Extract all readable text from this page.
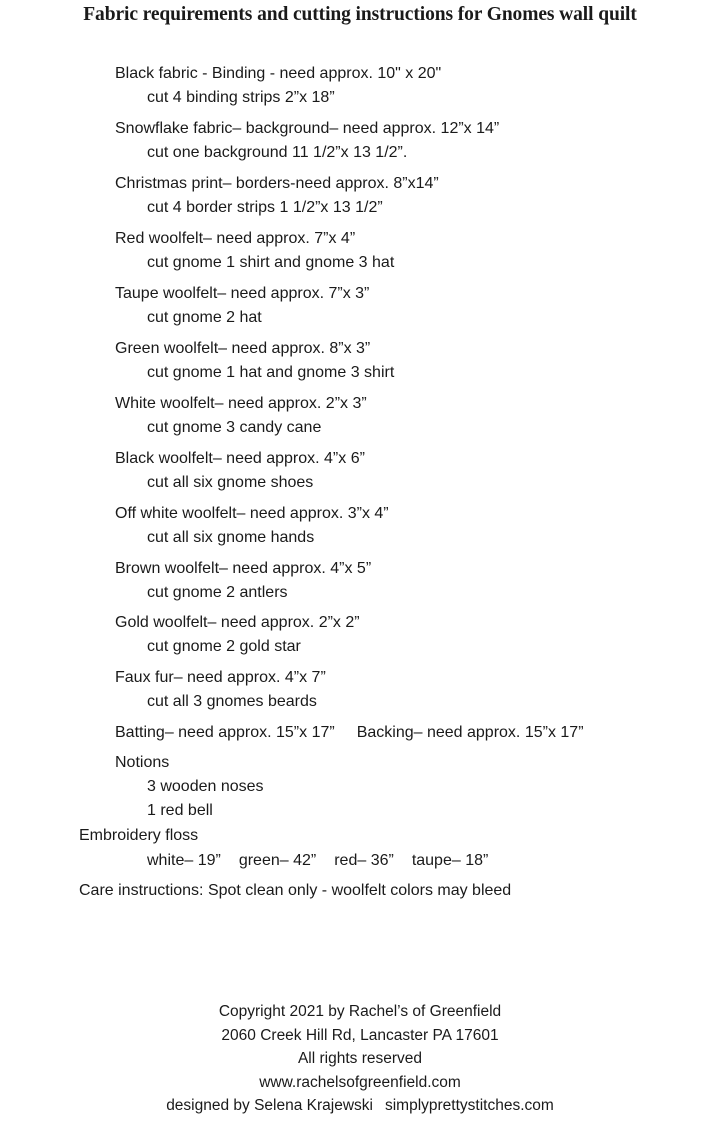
Fabric requirements and cutting instructions for Gnomes wall quilt
Black fabric - Binding - need approx. 10" x 20"
cut 4 binding strips 2”x 18”
Snowflake fabric– background– need approx. 12”x 14”
cut one background 11 1/2”x 13 1/2”.
Christmas print– borders-need approx. 8”x14”
cut 4 border strips 1 1/2”x 13 1/2”
Red woolfelt– need approx. 7”x 4”
cut gnome 1 shirt and gnome 3 hat
Taupe woolfelt– need approx. 7”x 3”
cut gnome 2 hat
Green woolfelt– need approx. 8”x 3”
cut gnome 1 hat and gnome 3 shirt
White woolfelt– need approx. 2”x 3”
cut gnome 3 candy cane
Black woolfelt– need approx. 4”x 6”
cut all six gnome shoes
Off white woolfelt– need approx. 3”x 4”
cut all six gnome hands
Brown woolfelt– need approx. 4”x 5”
cut gnome 2 antlers
Gold woolfelt– need approx. 2”x 2”
cut gnome 2 gold star
Faux fur– need approx. 4”x 7”
cut all 3 gnomes beards
Batting– need approx. 15”x 17” Backing– need approx. 15”x 17”
Notions
3 wooden noses
1 red bell
Embroidery floss
white– 19” green– 42” red– 36” taupe– 18”
Care instructions: Spot clean only - woolfelt colors may bleed
Copyright 2021 by Rachel’s of Greenfield
2060 Creek Hill Rd, Lancaster PA 17601
All rights reserved
www.rachelsofgreenfield.com
designed by Selena Krajewski simplyprettystitches.com
